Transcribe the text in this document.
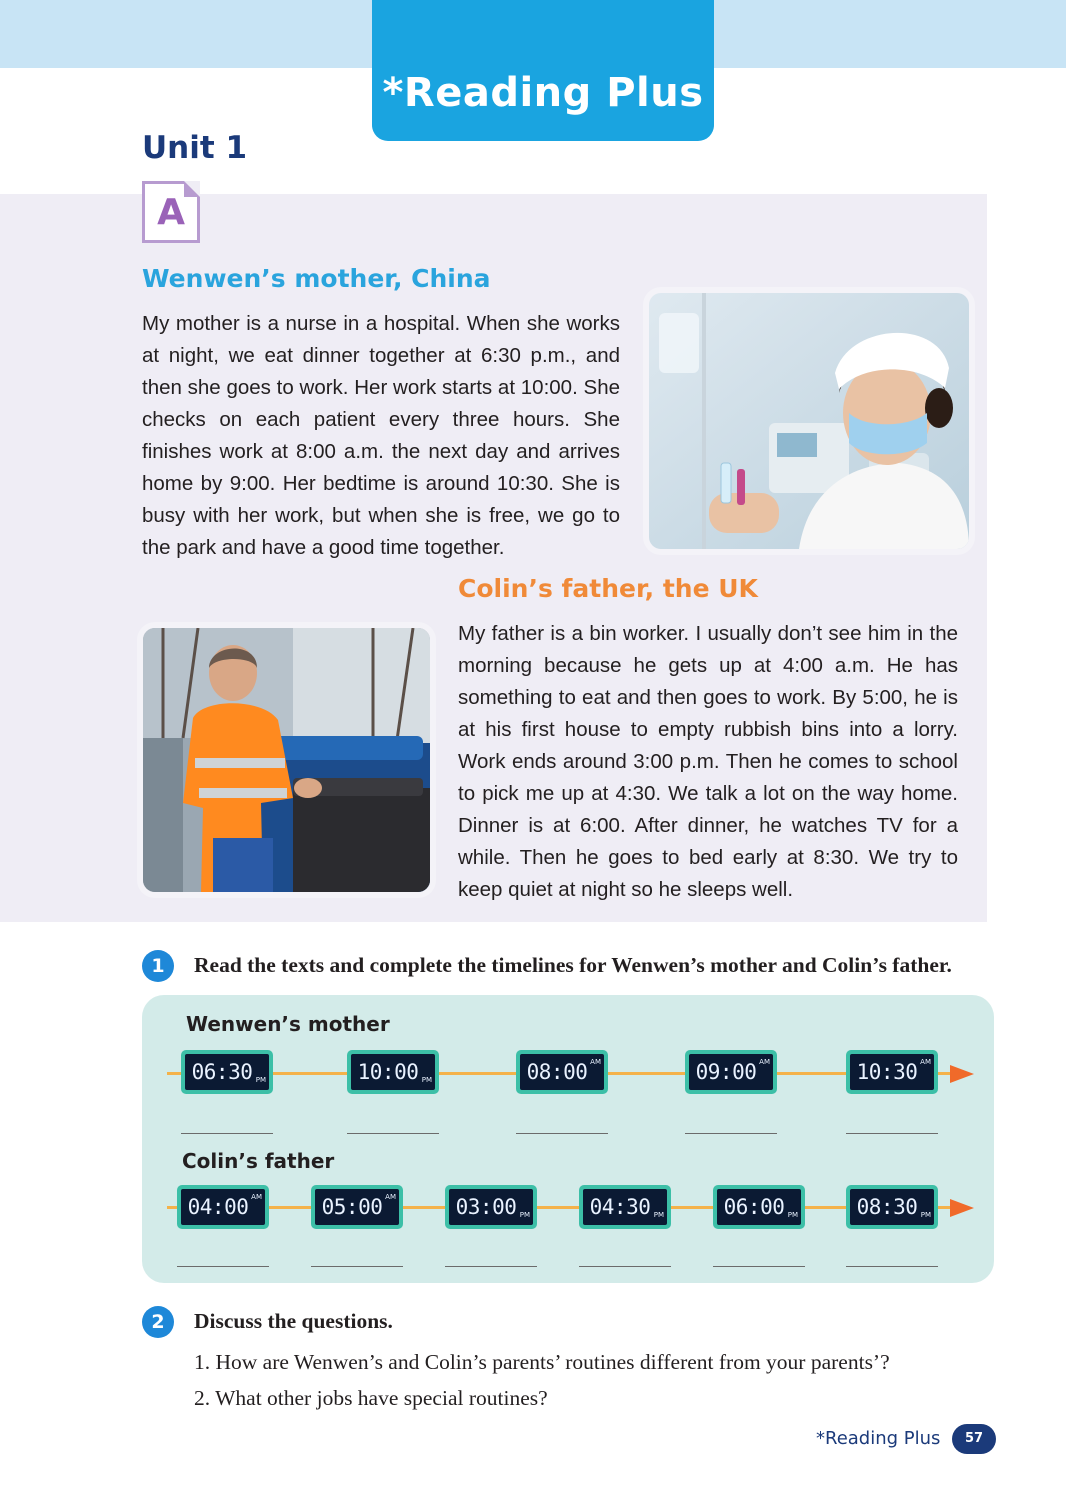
*Reading Plus
Unit 1
A
Wenwen’s mother, China

My mother is a nurse in a hospital. When she works at night, we eat dinner together at 6:30 p.m., and then she goes to work. Her work starts at 10:00. She checks on each patient every three hours. She finishes work at 8:00 a.m. the next day and arrives home by 9:00. Her bedtime is around 10:30. She is busy with her work, but when she is free, we go to the park and have a good time together.

Colin’s father, the UK

My father is a bin worker. I usually don’t see him in the morning because he gets up at 4:00 a.m. He has something to eat and then goes to work. By 5:00, he is at his first house to empty rubbish bins into a lorry. Work ends around 3:00 p.m. Then he comes to school to pick me up at 4:30. We talk a lot on the way home. Dinner is at 6:00. After dinner, he watches TV for a while. Then he goes to bed early at 8:30. We try to keep quiet at night so he sleeps well.

1	Read the texts and complete the timelines for Wenwen’s mother and Colin’s father.
Wenwen’s mother
Colin’s father
06:30 PM	10:00 PM	08:00 AM	09:00 AM	10:30 AM
04:00 AM	05:00 AM	03:00 PM	04:30 PM	06:00 PM	08:30 PM
2	Discuss the questions.
1. How are Wenwen’s and Colin’s parents’ routines different from your parents’?
2. What other jobs have special routines?
*Reading Plus	57
